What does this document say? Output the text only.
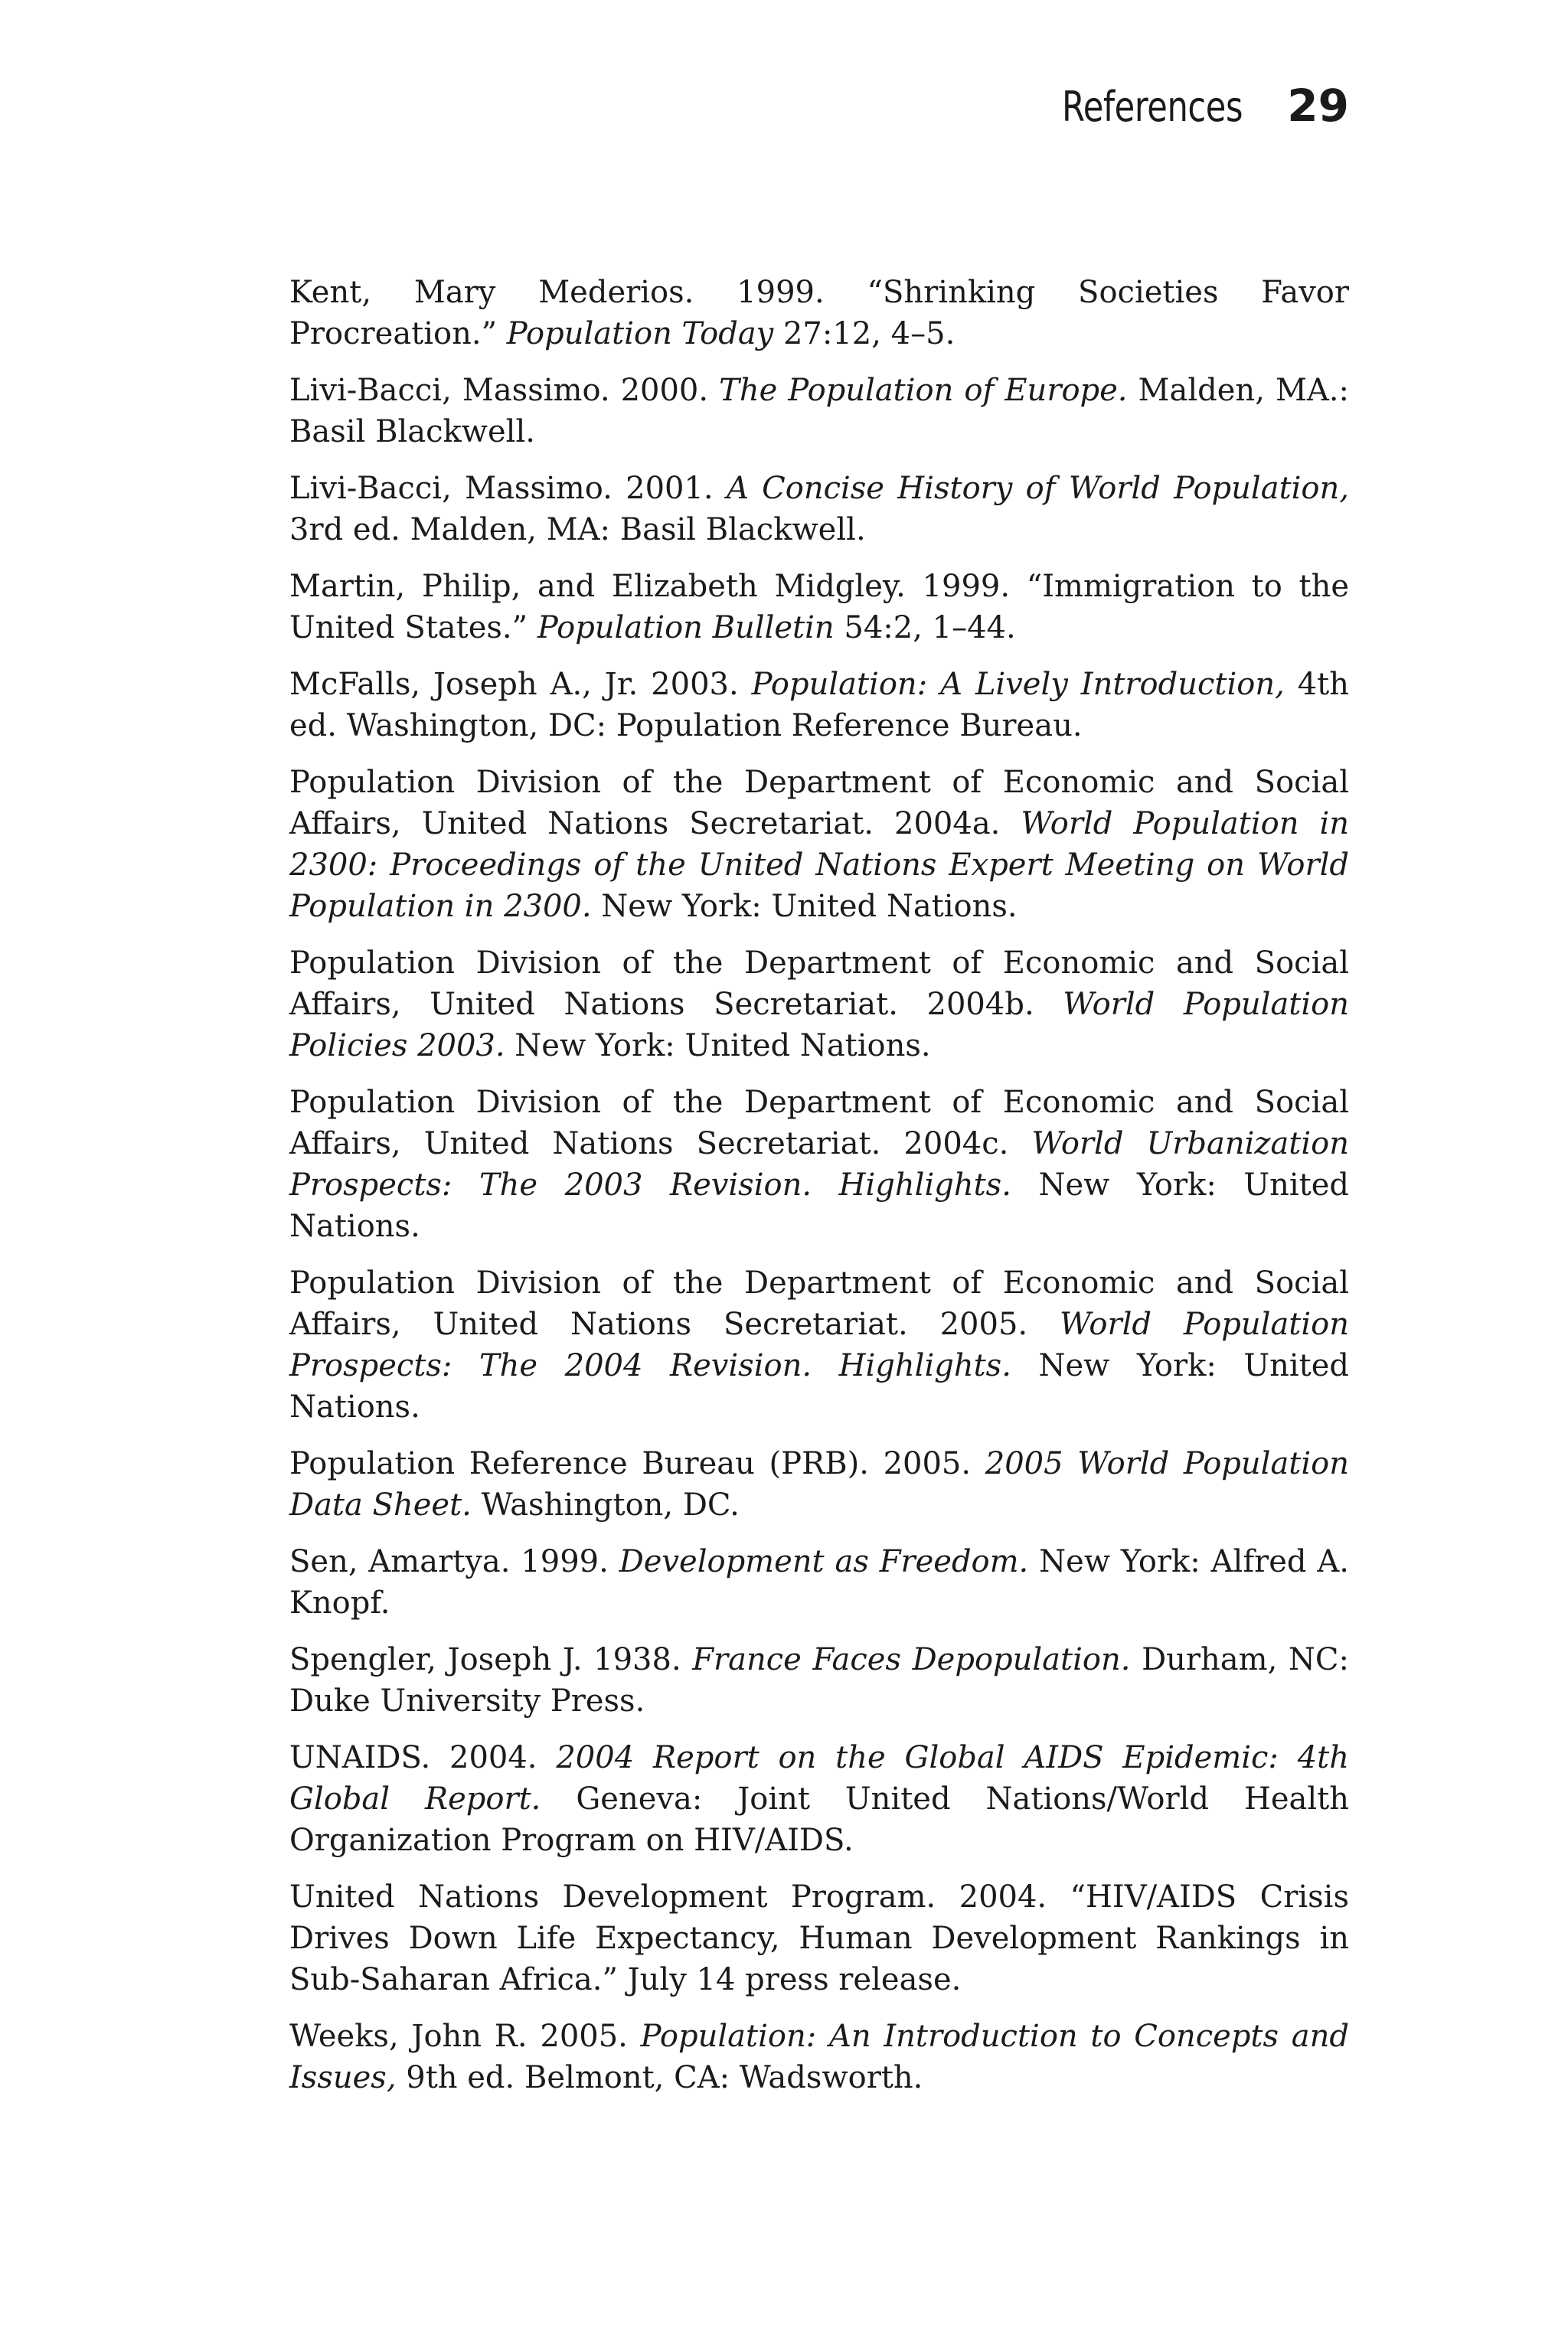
References 29

Kent, Mary Mederios. 1999. “Shrinking Societies Favor Procreation.” Population Today 27:12, 4–5.

Livi-Bacci, Massimo. 2000. The Population of Europe. Malden, MA.: Basil Blackwell.

Livi-Bacci, Massimo. 2001. A Concise History of World Population, 3rd ed. Malden, MA: Basil Blackwell.

Martin, Philip, and Elizabeth Midgley. 1999. “Immigration to the United States.” Population Bulletin 54:2, 1–44.

McFalls, Joseph A., Jr. 2003. Population: A Lively Introduction, 4th ed. Washington, DC: Population Reference Bureau.

Population Division of the Department of Economic and Social Affairs, United Nations Secretariat. 2004a. World Population in 2300: Proceedings of the United Nations Expert Meeting on World Population in 2300. New York: United Nations.

Population Division of the Department of Economic and Social Affairs, United Nations Secretariat. 2004b. World Population Policies 2003. New York: United Nations.

Population Division of the Department of Economic and Social Affairs, United Nations Secretariat. 2004c. World Urbanization Prospects: The 2003 Revision. Highlights. New York: United Nations.

Population Division of the Department of Economic and Social Affairs, United Nations Secretariat. 2005. World Population Prospects: The 2004 Revision. Highlights. New York: United Nations.

Population Reference Bureau (PRB). 2005. 2005 World Population Data Sheet. Washington, DC.

Sen, Amartya. 1999. Development as Freedom. New York: Alfred A. Knopf.

Spengler, Joseph J. 1938. France Faces Depopulation. Durham, NC: Duke University Press.

UNAIDS. 2004. 2004 Report on the Global AIDS Epidemic: 4th Global Report. Geneva: Joint United Nations/World Health Organization Program on HIV/AIDS.

United Nations Development Program. 2004. “HIV/AIDS Crisis Drives Down Life Expectancy, Human Development Rankings in Sub-Saharan Africa.” July 14 press release.

Weeks, John R. 2005. Population: An Introduction to Concepts and Issues, 9th ed. Belmont, CA: Wadsworth.
